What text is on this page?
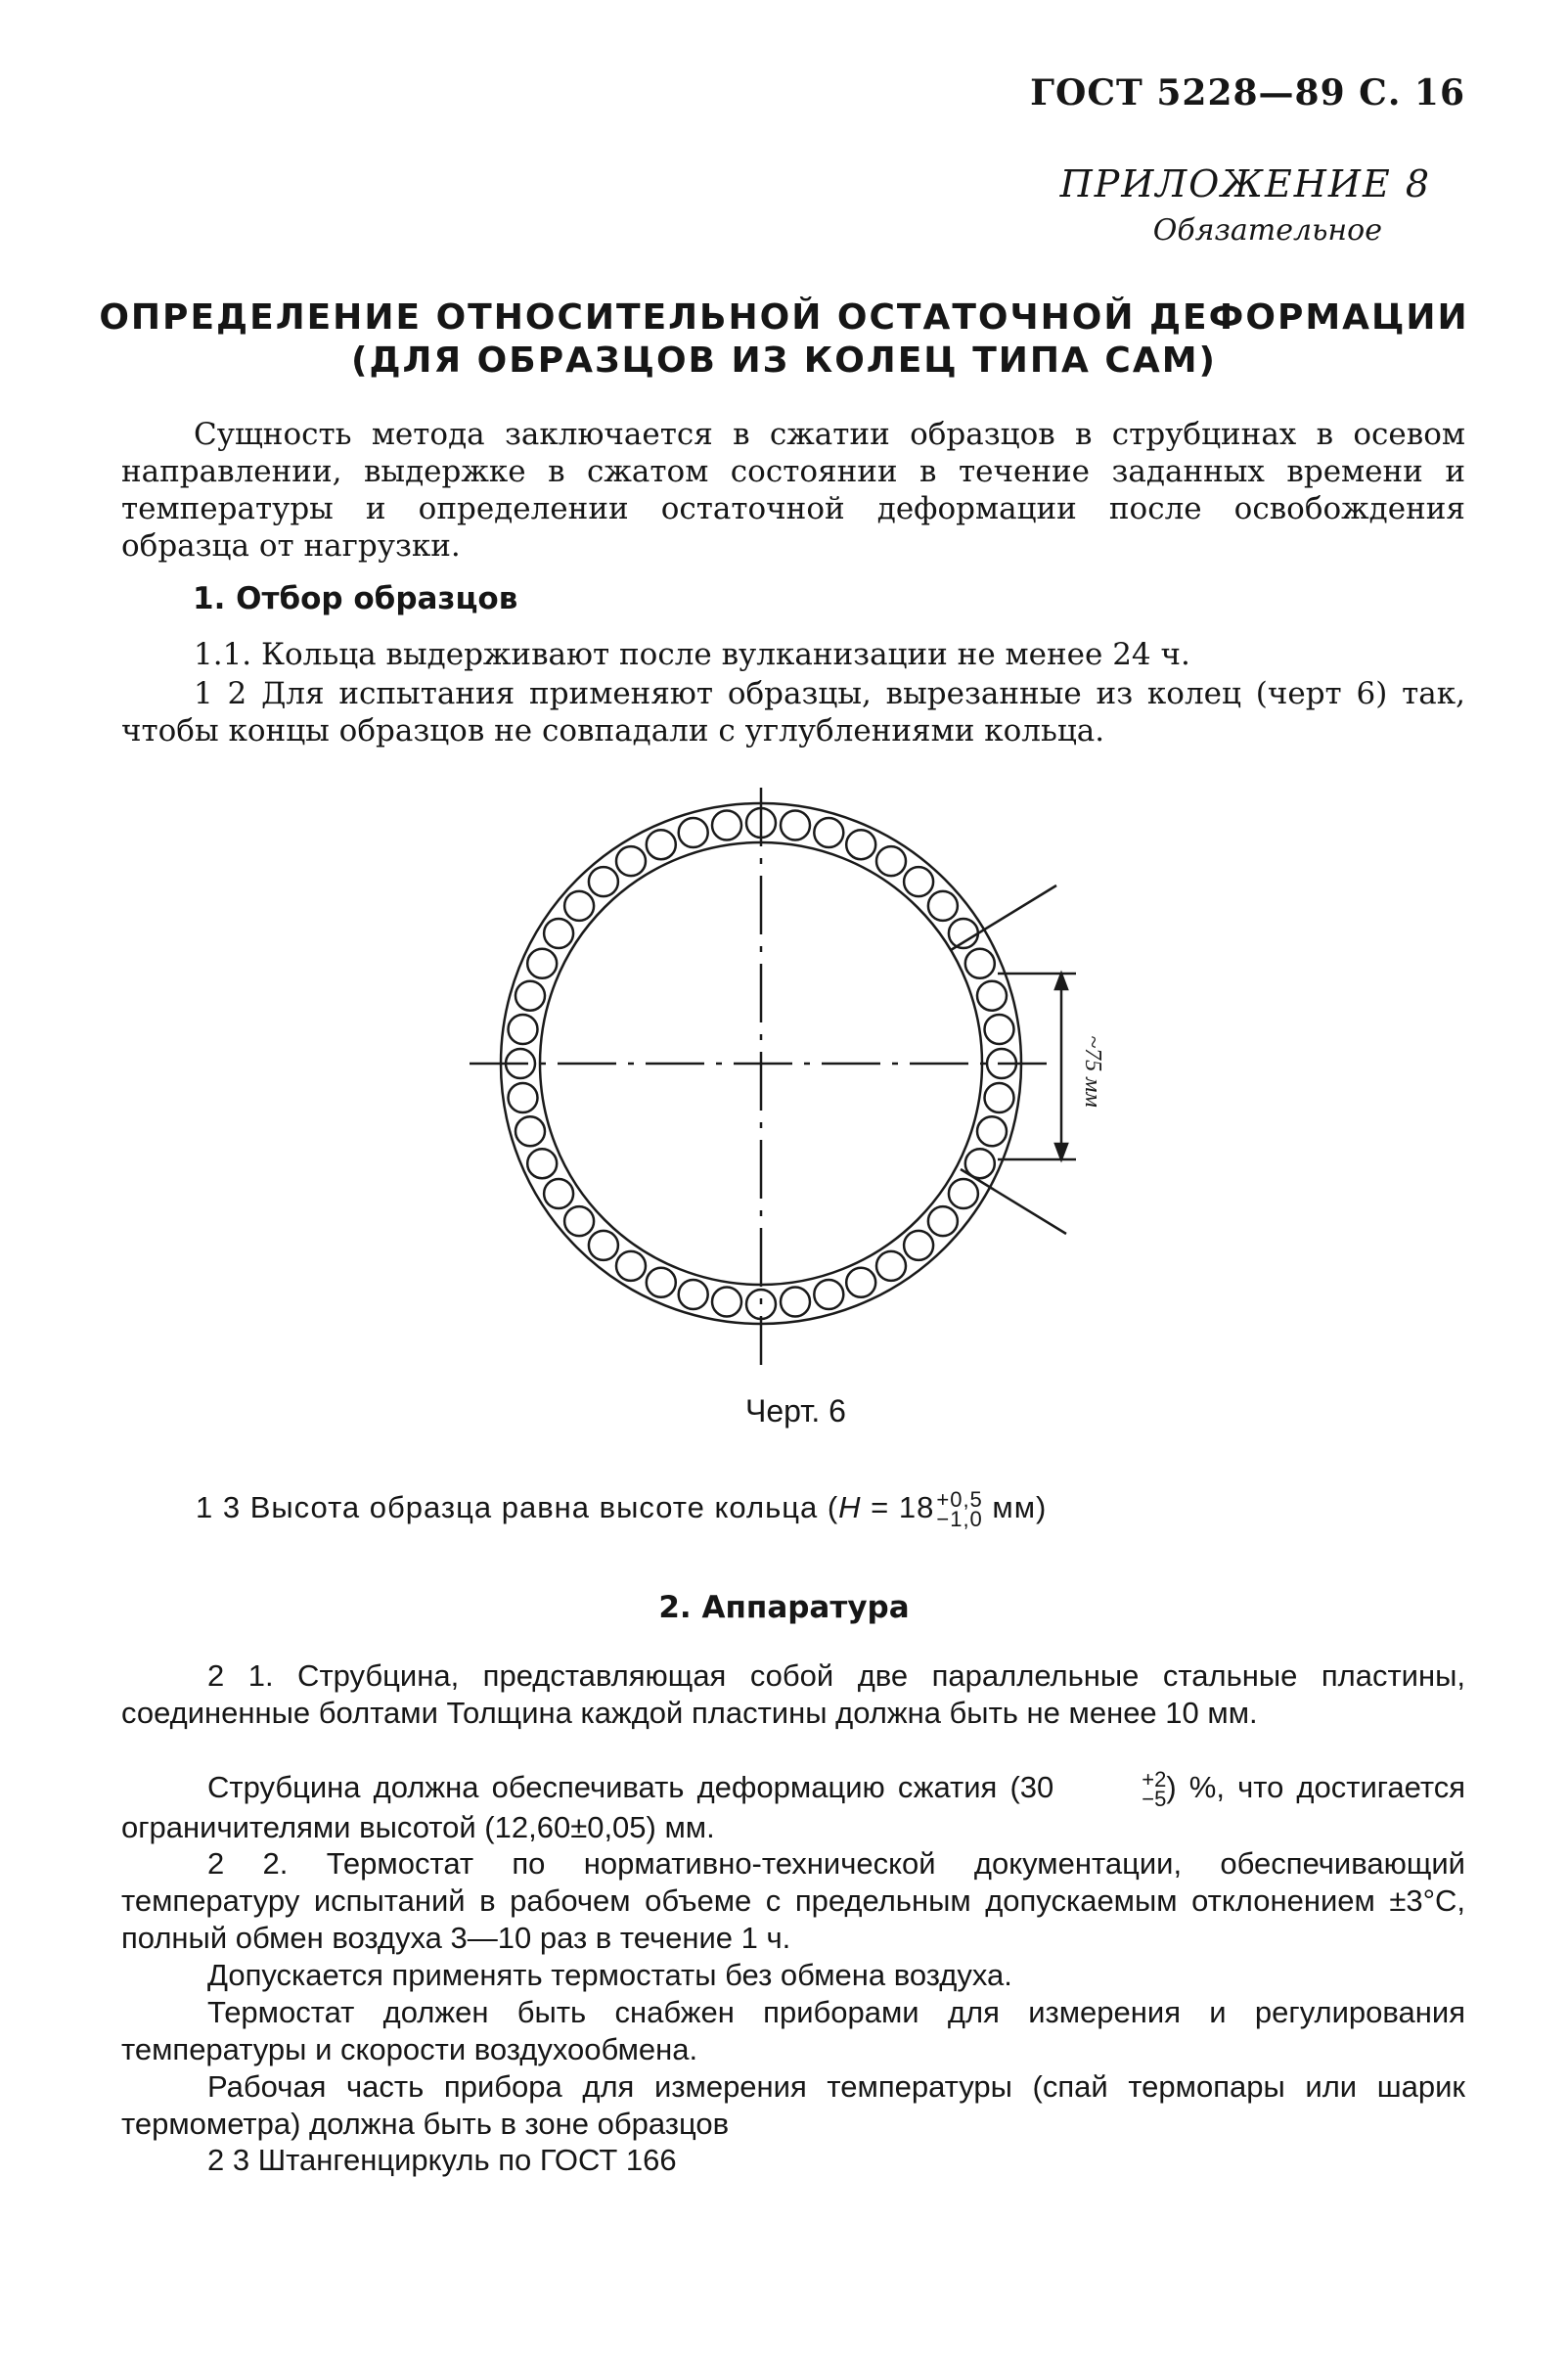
ГОСТ 5228—89 С. 16
ПРИЛОЖЕНИЕ 8
Обязательное
ОПРЕДЕЛЕНИЕ ОТНОСИТЕЛЬНОЙ ОСТАТОЧНОЙ ДЕФОРМАЦИИ
(ДЛЯ ОБРАЗЦОВ ИЗ КОЛЕЦ ТИПА САМ)
Сущность метода заключается в сжатии образцов в струбцинах в осевом направлении, выдержке в сжатом состоянии в течение заданных времени и температуры и определении остаточной деформации после освобождения образца от нагрузки.
1. Отбор образцов
1.1. Кольца выдерживают после вулканизации не менее 24 ч.
1 2 Для испытания применяют образцы, вырезанные из колец (черт 6) так, чтобы концы образцов не совпадали с углублениями кольца.
~75 мм
Черт. 6
1 3 Высота образца равна высоте кольца (H = 18 +0,5
−1,0 мм)
2. Аппаратура
2 1. Струбцина, представляющая собой две параллельные стальные пластины, соединенные болтами Толщина каждой пластины должна быть не менее 10 мм.
Струбцина должна обеспечивать деформацию сжатия (30	+2
−5 ) %, что достигается ограничителями высотой (12,60±0,05) мм.
2 2. Термостат по нормативно-технической документации, обеспечивающий температуру испытаний в рабочем объеме с предельным допускаемым отклонением ±3°С, полный обмен воздуха 3—10 раз в течение 1 ч.
Допускается применять термостаты без обмена воздуха.
Термостат должен быть снабжен приборами для измерения и регулирования температуры и скорости воздухообмена.
Рабочая часть прибора для измерения температуры (спай термопары или шарик термометра) должна быть в зоне образцов
2 3 Штангенциркуль по ГОСТ 166
